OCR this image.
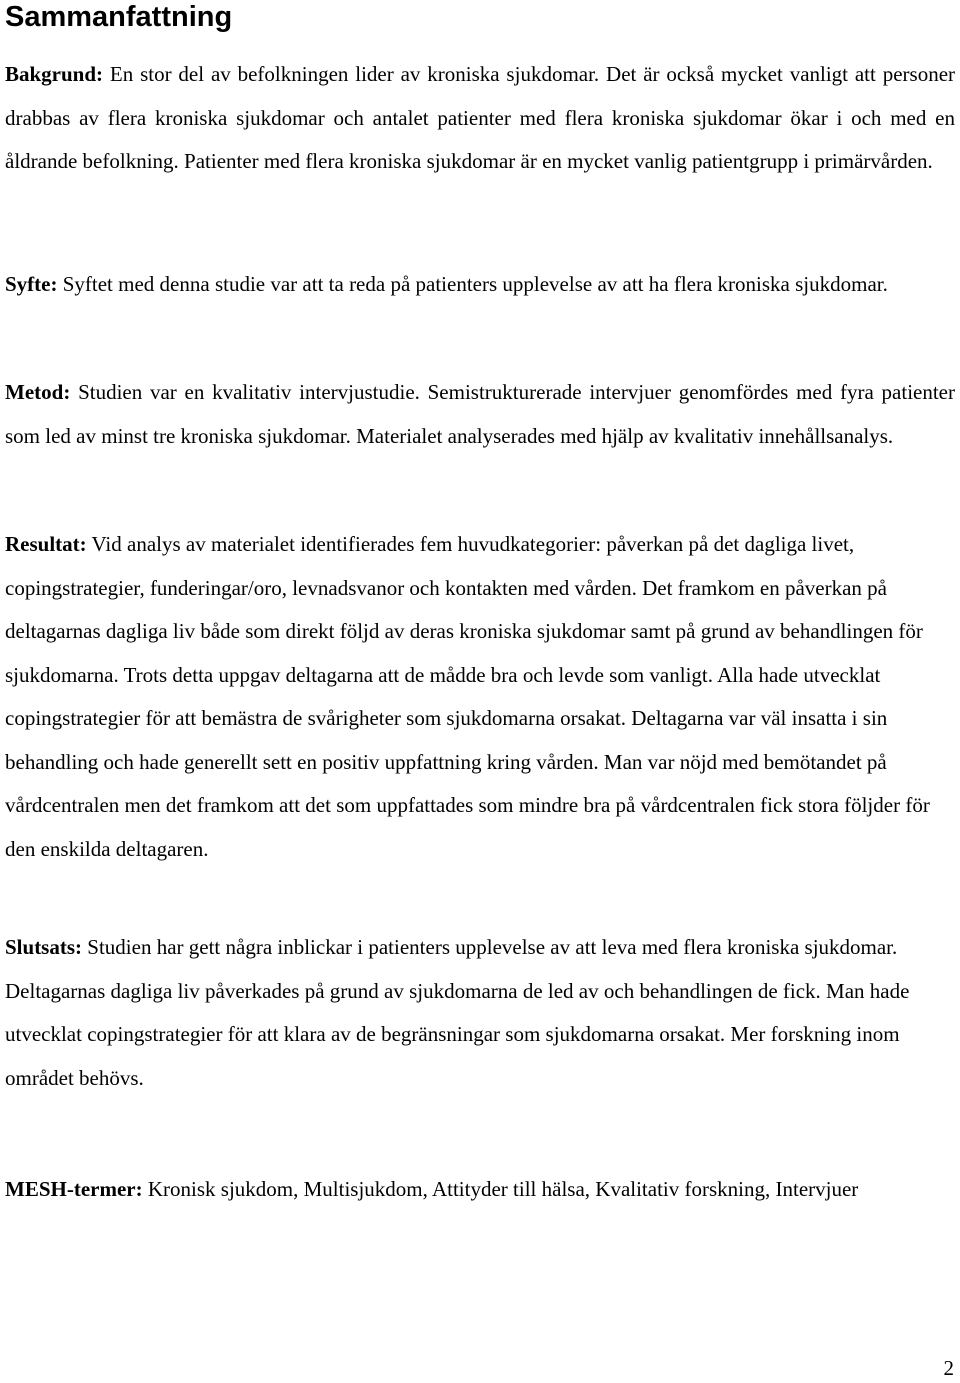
Sammanfattning

Bakgrund: En stor del av befolkningen lider av kroniska sjukdomar. Det är också mycket vanligt att personer drabbas av flera kroniska sjukdomar och antalet patienter med flera kroniska sjukdomar ökar i och med en åldrande befolkning. Patienter med flera kroniska sjukdomar är en mycket vanlig patientgrupp i primärvården.

Syfte: Syftet med denna studie var att ta reda på patienters upplevelse av att ha flera kroniska sjukdomar.

Metod: Studien var en kvalitativ intervjustudie. Semistrukturerade intervjuer genomfördes med fyra patienter som led av minst tre kroniska sjukdomar. Materialet analyserades med hjälp av kvalitativ innehållsanalys.

Resultat: Vid analys av materialet identifierades fem huvudkategorier: påverkan på det dagliga livet, copingstrategier, funderingar/oro, levnadsvanor och kontakten med vården. Det framkom en påverkan på deltagarnas dagliga liv både som direkt följd av deras kroniska sjukdomar samt på grund av behandlingen för sjukdomarna. Trots detta uppgav deltagarna att de mådde bra och levde som vanligt. Alla hade utvecklat copingstrategier för att bemästra de svårigheter som sjukdomarna orsakat. Deltagarna var väl insatta i sin behandling och hade generellt sett en positiv uppfattning kring vården. Man var nöjd med bemötandet på vårdcentralen men det framkom att det som uppfattades som mindre bra på vårdcentralen fick stora följder för den enskilda deltagaren.

Slutsats: Studien har gett några inblickar i patienters upplevelse av att leva med flera kroniska sjukdomar. Deltagarnas dagliga liv påverkades på grund av sjukdomarna de led av och behandlingen de fick. Man hade utvecklat copingstrategier för att klara av de begränsningar som sjukdomarna orsakat. Mer forskning inom området behövs.

MESH-termer: Kronisk sjukdom, Multisjukdom, Attityder till hälsa, Kvalitativ forskning, Intervjuer

2
